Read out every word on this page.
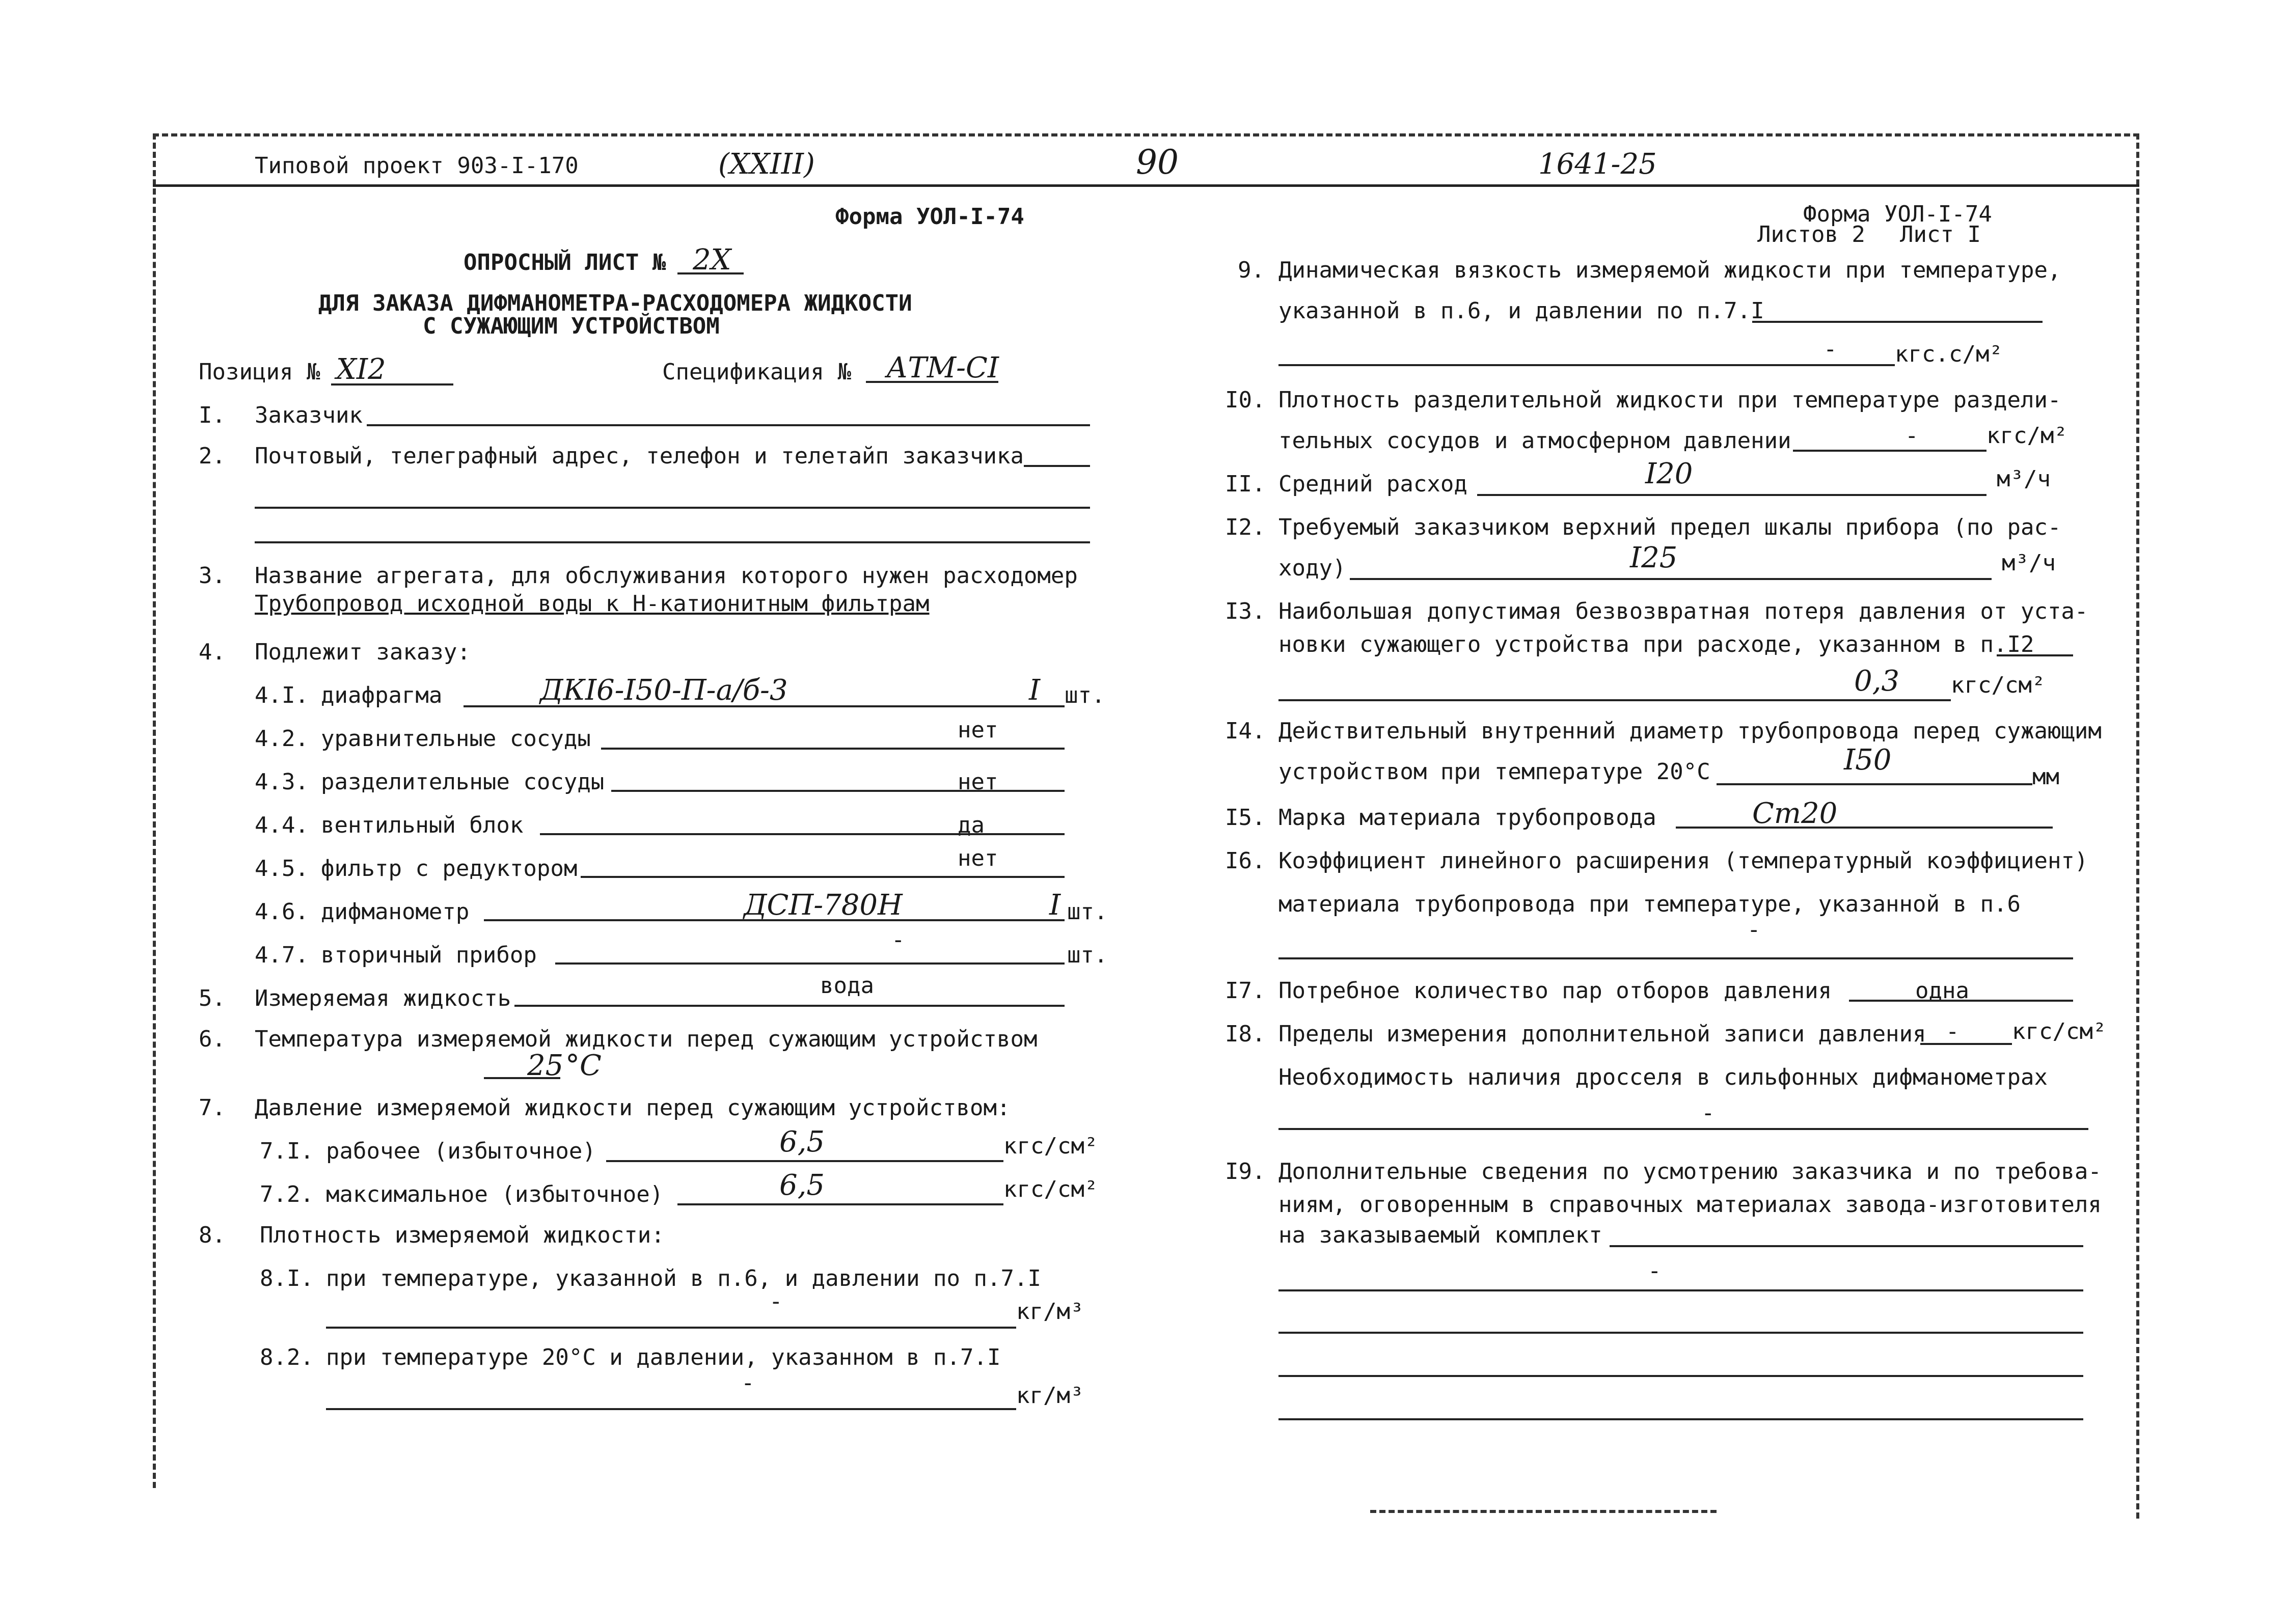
Типовой проект 903-I-170	(XXIII)	90	1641-25
Форма УОЛ-I-74
ОПРОСНЫЙ ЛИСТ № 2Х
ДЛЯ ЗАКАЗА ДИФМАНОМЕТРА-РАСХОДОМЕРА ЖИДКОСТИ
С СУЖАЮЩИМ УСТРОЙСТВОМ
Позиция № ХI2	Спецификация № АТМ-СI
I. Заказчик
2. Почтовый, телеграфный адрес, телефон и телетайп заказчика
3. Название агрегата, для обслуживания которого нужен расходомер
Трубопровод исходной воды к Н-катионитным фильтрам
4. Подлежит заказу:
4.I. диафрагма	ДКI6-I50-П-а/б-3	I шт.
4.2. уравнительные сосуды	нет
4.3. разделительные сосуды	нет
4.4. вентильный блок	да
4.5. фильтр с редуктором	нет
4.6. дифманометр	ДСП-780Н	I шт.
4.7. вторичный прибор
-
шт.
5. Измеряемая жидкость	вода
6. Температура измеряемой жидкости перед сужающим устройством
25 °С
7. Давление измеряемой жидкости перед сужающим устройством:
7.I. рабочее (избыточное)	6,5	кгс/см²
7.2. максимальное (избыточное)	6,5	кгс/см²
8. Плотность измеряемой жидкости:
8.I. при температуре, указанной в п.6, и давлении по п.7.I
-	кг/м³
8.2. при температуре 20°С и давлении, указанном в п.7.I
-	кг/м³
Форма УОЛ-I-74
Листов 2 Лист I
9. Динамическая вязкость измеряемой жидкости при температуре,
указанной в п.6, и давлении по п.7.I
-	кгс.с/м²
I0. Плотность разделительной жидкости при температуре раздели-
тельных сосудов и атмосферном давлении	-	кгс/м²
II. Средний расход	I20	м³/ч
I2. Требуемый заказчиком верхний предел шкалы прибора (по рас-
ходу)	I25	м³/ч
I3. Наибольшая допустимая безвозвратная потеря давления от уста-
новки сужающего устройства при расходе, указанном в п.I2
0,3 кгс/см²
I4. Действительный внутренний диаметр трубопровода перед сужающим
устройством при температуре 20°С	I50
мм
I5. Марка материала трубопровода	Ст20
I6. Коэффициент линейного расширения (температурный коэффициент)
материала трубопровода при температуре, указанной в п.6
-
I7. Потребное количество пар отборов давления	одна
I8. Пределы измерения дополнительной записи давления - кгс/см²
Необходимость наличия дросселя в сильфонных дифманометрах
-
I9. Дополнительные сведения по усмотрению заказчика и по требова-
ниям, оговоренным в справочных материалах завода-изготовителя
на заказываемый комплект
-
